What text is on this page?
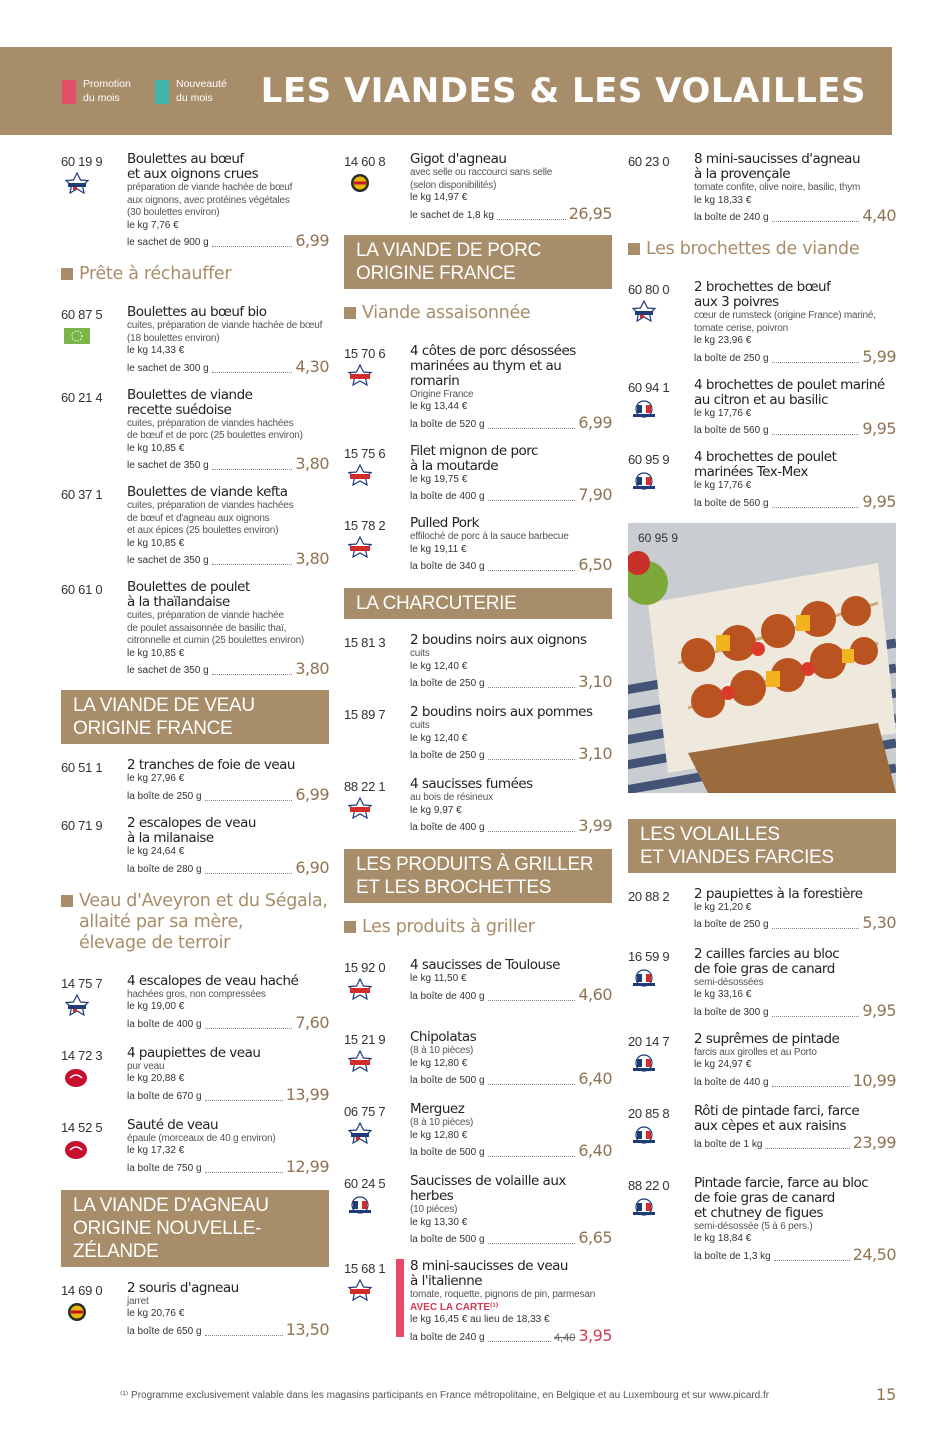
Promotion
du mois
Nouveauté
du mois	LES VIANDES & LES VOLAILLES
60 19 9 Boulettes au bœuf
et aux oignons crues
préparation de viande hachée de bœuf
aux oignons, avec protéines végétales
(30 boulettes environ)
le kg 7,76 €
le sachet de 900 g	6,99
Prête à réchauffer
60 87 5 Boulettes au bœuf bio
cuites, préparation de viande hachée de bœuf
(18 boulettes environ)
le kg 14,33 €
le sachet de 300 g	4,30
60 21 4 Boulettes de viande
recette suédoise
cuites, préparation de viandes hachées
de bœuf et de porc (25 boulettes environ)
le kg 10,85 €
le sachet de 350 g	3,80
60 37 1 Boulettes de viande kefta
cuites, préparation de viandes hachées
de bœuf et d'agneau aux oignons
et aux épices (25 boulettes environ)
le kg 10,85 €
le sachet de 350 g	3,80
60 61 0 Boulettes de poulet
à la thaïlandaise
cuites, préparation de viande hachée
de poulet assaisonnée de basilic thaï,
citronnelle et cumin (25 boulettes environ)
le kg 10,85 €
le sachet de 350 g	3,80
LA VIANDE DE VEAU
ORIGINE FRANCE
60 51 1 2 tranches de foie de veau
le kg 27,96 €
la boîte de 250 g	6,99
60 71 9 2 escalopes de veau
à la milanaise
le kg 24,64 €
la boîte de 280 g	6,90
Veau d'Aveyron et du Ségala,
allaité par sa mère,
élevage de terroir
14 75 7 4 escalopes de veau haché
hachées gros, non compressées
le kg 19,00 €
la boîte de 400 g	7,60
14 72 3 4 paupiettes de veau
pur veau
le kg 20,88 €
la boîte de 670 g	13,99
14 52 5 Sauté de veau
épaule (morceaux de 40 g environ)
le kg 17,32 €
la boîte de 750 g	12,99
LA VIANDE D'AGNEAU
ORIGINE NOUVELLE-ZÉLANDE
14 69 0 2 souris d'agneau
jarret
le kg 20,76 €
la boîte de 650 g	13,50
14 60 8 Gigot d'agneau
avec selle ou raccourci sans selle
(selon disponibilités)
le kg 14,97 €
le sachet de 1,8 kg	26,95
LA VIANDE DE PORC
ORIGINE FRANCE
Viande assaisonnée
15 70 6 4 côtes de porc désossées
marinées au thym et au romarin
Origine France
le kg 13,44 €
la boîte de 520 g	6,99
15 75 6 Filet mignon de porc
à la moutarde
le kg 19,75 €
la boîte de 400 g	7,90
15 78 2 Pulled Pork
effiloché de porc à la sauce barbecue
le kg 19,11 €
la boîte de 340 g	6,50
LA CHARCUTERIE
15 81 3 2 boudins noirs aux oignons
cuits
le kg 12,40 €
la boîte de 250 g	3,10
15 89 7 2 boudins noirs aux pommes
cuits
le kg 12,40 €
la boîte de 250 g	3,10
88 22 1 4 saucisses fumées
au bois de résineux
le kg 9,97 €
la boîte de 400 g	3,99
LES PRODUITS À GRILLER
ET LES BROCHETTES
Les produits à griller
15 92 0 4 saucisses de Toulouse
le kg 11,50 €
la boîte de 400 g	4,60
15 21 9 Chipolatas
(8 à 10 pièces)
le kg 12,80 €
la boîte de 500 g	6,40
06 75 7 Merguez
(8 à 10 pièces)
le kg 12,80 €
la boîte de 500 g	6,40
60 24 5 Saucisses de volaille aux herbes
(10 pièces)
le kg 13,30 €
la boîte de 500 g	6,65
15 68 1 8 mini-saucisses de veau
à l'italienne
tomate, roquette, pignons de pin, parmesan
AVEC LA CARTE⁽¹⁾
le kg 16,45 € au lieu de 18,33 €
la boîte de 240 g	4,40 3,95
60 23 0 8 mini-saucisses d'agneau
à la provençale
tomate confite, olive noire, basilic, thym
le kg 18,33 €
la boîte de 240 g	4,40
Les brochettes de viande
60 80 0 2 brochettes de bœuf
aux 3 poivres
cœur de rumsteck (origine France) mariné,
tomate cerise, poivron
le kg 23,96 €
la boîte de 250 g	5,99
60 94 1 4 brochettes de poulet mariné
au citron et au basilic
le kg 17,76 €
la boîte de 560 g	9,95
60 95 9 4 brochettes de poulet
marinées Tex-Mex
le kg 17,76 €
la boîte de 560 g	9,95
60 95 9
LES VOLAILLES
ET VIANDES FARCIES
20 88 2 2 paupiettes à la forestière
le kg 21,20 €
la boîte de 250 g	5,30
16 59 9 2 cailles farcies au bloc
de foie gras de canard
semi-désossées
le kg 33,16 €
la boîte de 300 g	9,95
20 14 7 2 suprêmes de pintade
farcis aux girolles et au Porto
le kg 24,97 €
la boîte de 440 g	10,99
20 85 8 Rôti de pintade farci, farce
aux cèpes et aux raisins
la boîte de 1 kg	23,99
88 22 0 Pintade farcie, farce au bloc
de foie gras de canard
et chutney de figues
semi-désossée (5 à 6 pers.)
le kg 18,84 €
la boîte de 1,3 kg	24,50
⁽¹⁾ Programme exclusivement valable dans les magasins participants en France métropolitaine, en Belgique et au Luxembourg et sur www.picard.fr	15
